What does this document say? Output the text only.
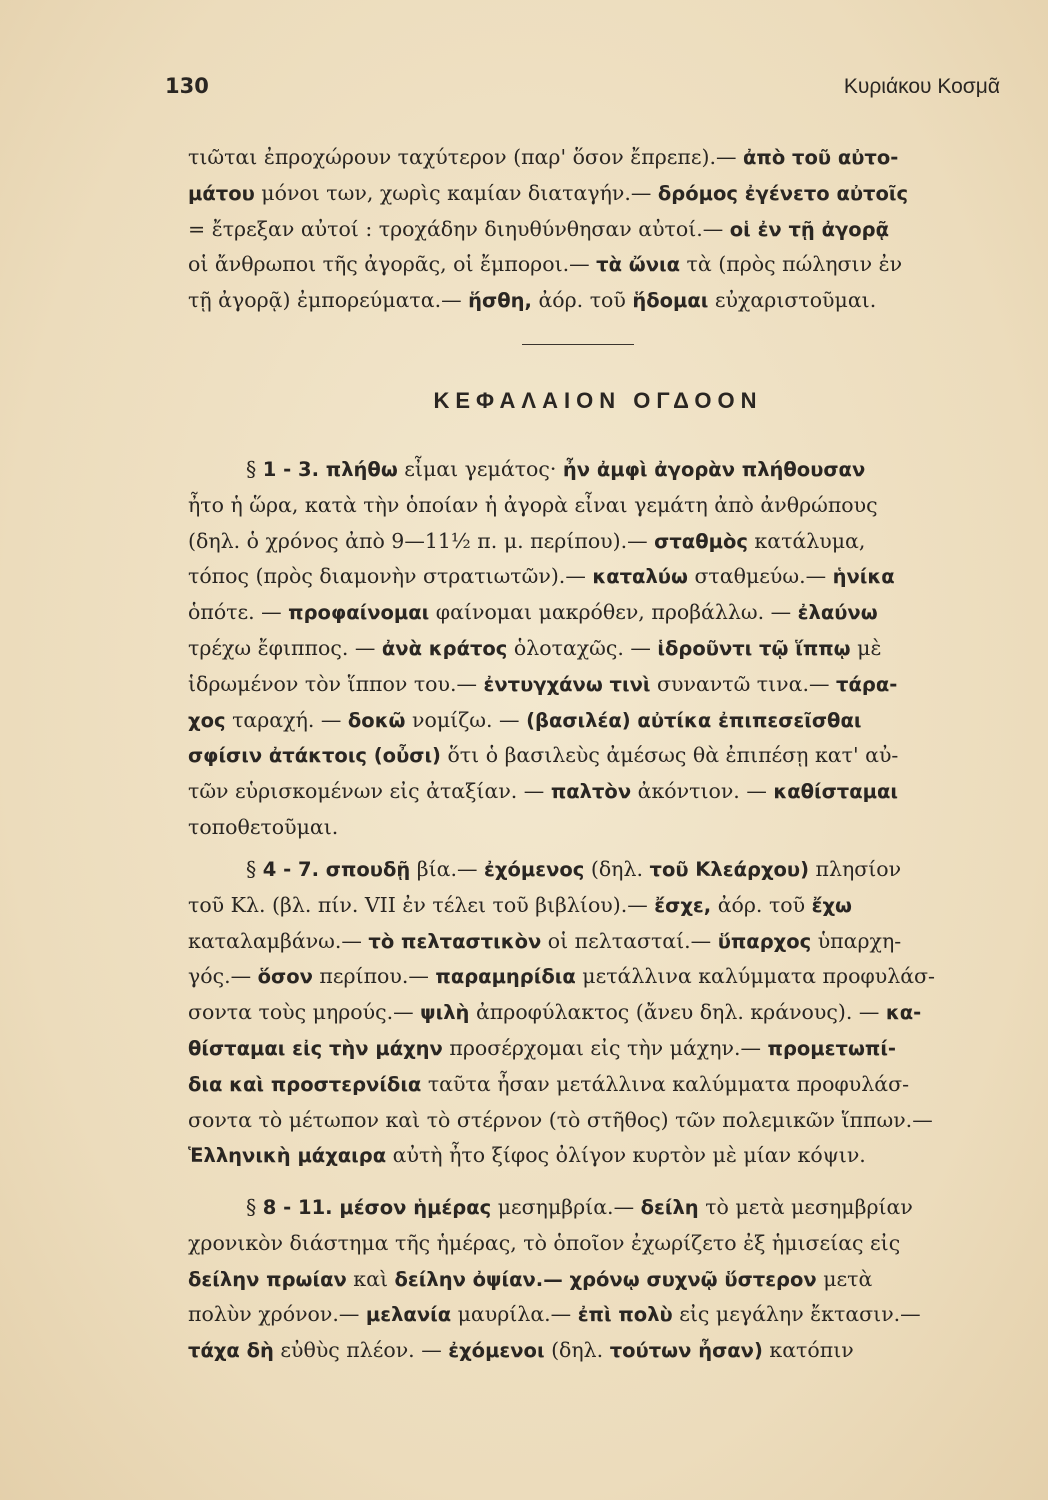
130	Κυριάκου Κοσμᾶ
τιῶται ἐπροχώρουν ταχύτερον (παρ' ὅσον ἔπρεπε).— ἀπὸ τοῦ αὐτο-
μάτου μόνοι των, χωρὶς καμίαν διαταγήν.— δρόμος ἐγένετο αὐτοῖς
= ἔτρεξαν αὐτοί : τροχάδην διηυθύνθησαν αὐτοί.— οἱ ἐν τῇ ἀγορᾷ
οἱ ἄνθρωποι τῆς ἀγορᾶς, οἱ ἔμποροι.— τὰ ὤνια τὰ (πρὸς πώλησιν ἐν
τῇ ἀγορᾷ) ἐμπορεύματα.— ἥσθη, ἀόρ. τοῦ ἥδομαι εὐχαριστοῦμαι.
ΚΕΦΑΛΑΙΟΝ ΟΓΔΟΟΝ
§ 1 - 3. πλήθω εἶμαι γεμάτος· ἦν ἀμφὶ ἀγορὰν πλήθουσαν
ἦτο ἡ ὥρα, κατὰ τὴν ὁποίαν ἡ ἀγορὰ εἶναι γεμάτη ἀπὸ ἀνθρώπους
(δηλ. ὁ χρόνος ἀπὸ 9—11½ π. μ. περίπου).— σταθμὸς κατάλυμα,
τόπος (πρὸς διαμονὴν στρατιωτῶν).— καταλύω σταθμεύω.— ἡνίκα
ὁπότε. — προφαίνομαι φαίνομαι μακρόθεν, προβάλλω. — ἐλαύνω
τρέχω ἔφιππος. — ἀνὰ κράτος ὁλοταχῶς. — ἱδροῦντι τῷ ἵππῳ μὲ
ἱδρωμένον τὸν ἵππον του.— ἐντυγχάνω τινὶ συναντῶ τινα.— τάρα-
χος ταραχή. — δοκῶ νομίζω. — (βασιλέα) αὐτίκα ἐπιπεσεῖσθαι
σφίσιν ἀτάκτοις (οὖσι) ὅτι ὁ βασιλεὺς ἀμέσως θὰ ἐπιπέσῃ κατ' αὐ-
τῶν εὑρισκομένων εἰς ἀταξίαν. — παλτὸν ἀκόντιον. — καθίσταμαι
τοποθετοῦμαι.
§ 4 - 7. σπουδῇ βία.— ἐχόμενος (δηλ. τοῦ Κλεάρχου) πλησίον
τοῦ Κλ. (βλ. πίν. VII ἐν τέλει τοῦ βιβλίου).— ἔσχε, ἀόρ. τοῦ ἔχω
καταλαμβάνω.— τὸ πελταστικὸν οἱ πελτασταί.— ὕπαρχος ὑπαρχη-
γός.— ὅσον περίπου.— παραμηρίδια μετάλλινα καλύμματα προφυλάσ-
σοντα τοὺς μηρούς.— ψιλὴ ἀπροφύλακτος (ἄνευ δηλ. κράνους). — κα-
θίσταμαι εἰς τὴν μάχην προσέρχομαι εἰς τὴν μάχην.— προμετωπί-
δια καὶ προστερνίδια ταῦτα ἦσαν μετάλλινα καλύμματα προφυλάσ-
σοντα τὸ μέτωπον καὶ τὸ στέρνον (τὸ στῆθος) τῶν πολεμικῶν ἵππων.—
Ἑλληνικὴ μάχαιρα αὐτὴ ἦτο ξίφος ὀλίγον κυρτὸν μὲ μίαν κόψιν.
§ 8 - 11. μέσον ἡμέρας μεσημβρία.— δείλη τὸ μετὰ μεσημβρίαν
χρονικὸν διάστημα τῆς ἡμέρας, τὸ ὁποῖον ἐχωρίζετο ἐξ ἡμισείας εἰς
δείλην πρωίαν καὶ δείλην ὀψίαν.— χρόνῳ συχνῷ ὕστερον μετὰ
πολὺν χρόνον.— μελανία μαυρίλα.— ἐπὶ πολὺ εἰς μεγάλην ἔκτασιν.—
τάχα δὴ εὐθὺς πλέον. — ἐχόμενοι (δηλ. τούτων ἦσαν) κατόπιν
